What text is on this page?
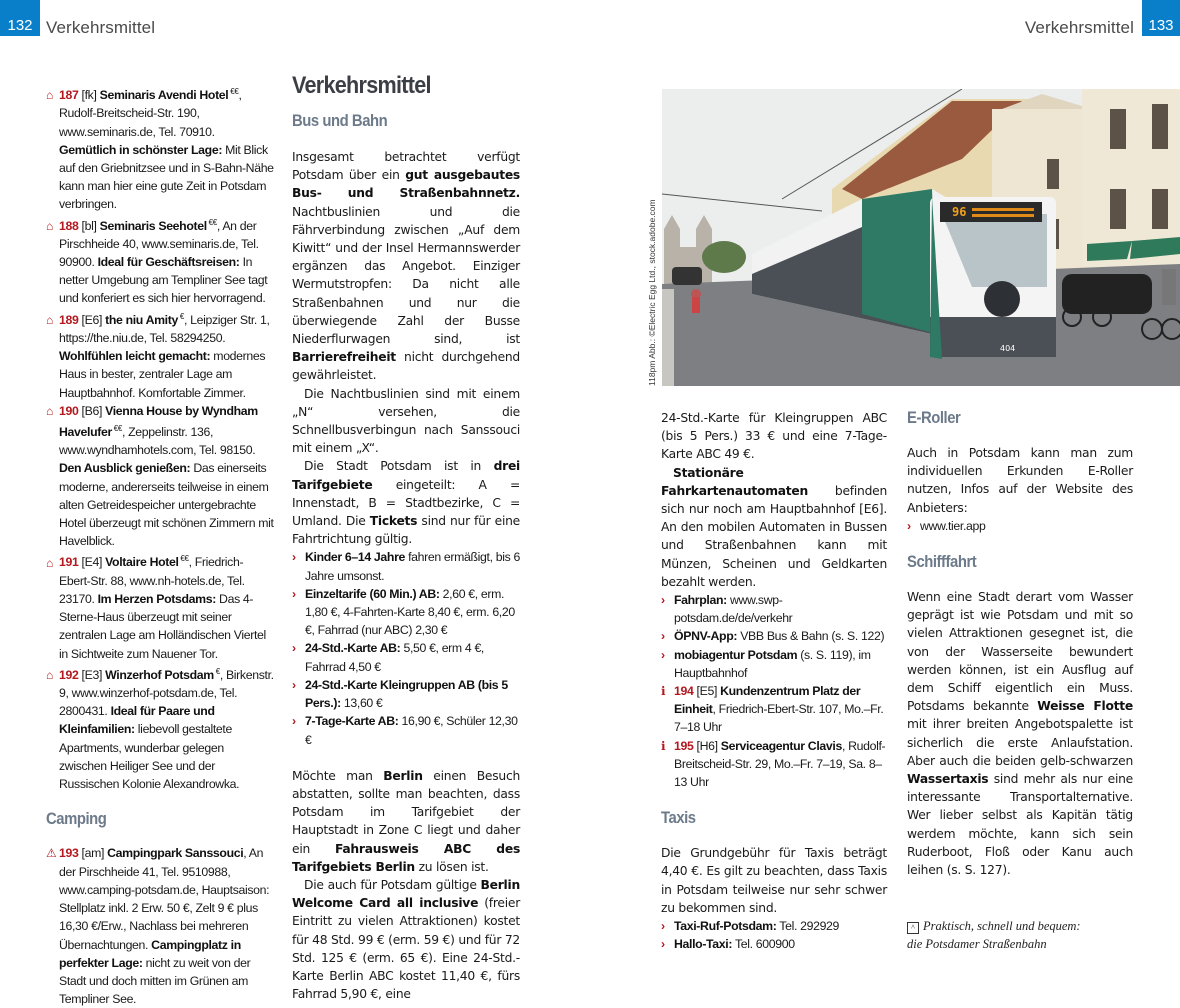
132 Verkehrsmittel	Verkehrsmittel 133

⌂ 187 [fk] Seminaris Avendi Hotel €€, Rudolf-Breitscheid-Str. 190, www.seminaris.de, Tel. 70910. Gemütlich in schönster Lage: Mit Blick auf den Griebnitzsee und in S-Bahn-Nähe kann man hier eine gute Zeit in Potsdam verbringen.

⌂ 188 [bl] Seminaris Seehotel €€, An der Pirschheide 40, www.seminaris.de, Tel. 90900. Ideal für Geschäftsreisen: In netter Umgebung am Templiner See tagt und konferiert es sich hier hervorragend.

⌂ 189 [E6] the niu Amity €, Leipziger Str. 1, https://the.niu.de, Tel. 58294250. Wohlfühlen leicht gemacht: modernes Haus in bester, zentraler Lage am Hauptbahnhof. Komfortable Zimmer.

⌂ 190 [B6] Vienna House by Wyndham Havelufer €€, Zeppelinstr. 136, www.wyndhamhotels.com, Tel. 98150. Den Ausblick genießen: Das einerseits moderne, andererseits teilweise in einem alten Getreidespeicher untergebrachte Hotel überzeugt mit schönen Zimmern mit Havelblick.

⌂ 191 [E4] Voltaire Hotel €€, Friedrich-Ebert-Str. 88, www.nh-hotels.de, Tel. 23170. Im Herzen Potsdams: Das 4-Sterne-Haus überzeugt mit seiner zentralen Lage am Holländischen Viertel in Sichtweite zum Nauener Tor.

⌂ 192 [E3] Winzerhof Potsdam €, Birkenstr. 9, www.winzerhof-potsdam.de, Tel. 2800431. Ideal für Paare und Kleinfamilien: liebevoll gestaltete Apartments, wunderbar gelegen zwischen Heiliger See und der Russischen Kolonie Alexandrowka.

Camping

⚠ 193 [am] Campingpark Sanssouci, An der Pirschheide 41, Tel. 9510988, www.camping-potsdam.de, Hauptsaison: Stellplatz inkl. 2 Erw. 50 €, Zelt 9 € plus 16,30 €/Erw., Nachlass bei mehreren Übernachtungen. Campingplatz in perfekter Lage: nicht zu weit von der Stadt und doch mitten im Grünen am Templiner See.

Verkehrsmittel
Bus und Bahn

Insgesamt betrachtet verfügt Potsdam über ein gut ausgebautes Bus- und Straßenbahnnetz. Nachtbuslinien und die Fährverbindung zwischen „Auf dem Kiwitt“ und der Insel Hermannswerder ergänzen das Angebot. Einziger Wermutstropfen: Da nicht alle Straßenbahnen und nur die überwiegende Zahl der Busse Niederflurwagen sind, ist Barrierefreiheit nicht durchgehend gewährleistet.

Die Nachtbuslinien sind mit einem „N“ versehen, die Schnellbusverbingun nach Sanssouci mit einem „X“.

Die Stadt Potsdam ist in drei Tarifgebiete eingeteilt: A = Innenstadt, B = Stadtbezirke, C = Umland. Die Tickets sind nur für eine Fahrtrichtung gültig.

› Kinder 6–14 Jahre fahren ermäßigt, bis 6 Jahre umsonst.
› Einzeltarife (60 Min.) AB: 2,60 €, erm. 1,80 €, 4-Fahrten-Karte 8,40 €, erm. 6,20 €, Fahrrad (nur ABC) 2,30 €
› 24-Std.-Karte AB: 5,50 €, erm 4 €, Fahrrad 4,50 €
› 24-Std.-Karte Kleingruppen AB (bis 5 Pers.): 13,60 €
› 7-Tage-Karte AB: 16,90 €, Schüler 12,30 €

Möchte man Berlin einen Besuch abstatten, sollte man beachten, dass Potsdam im Tarifgebiet der Hauptstadt in Zone C liegt und daher ein Fahrausweis ABC des Tarifgebiets Berlin zu lösen ist.

Die auch für Potsdam gültige Berlin Welcome Card all inclusive (freier Eintritt zu vielen Attraktionen) kostet für 48 Std. 99 € (erm. 59 €) und für 72 Std. 125 € (erm. 65 €). Eine 24-Std.-Karte Berlin ABC kostet 11,40 €, fürs Fahrrad 5,90 €, eine

118pm Abb.: ©Electric Egg Ltd., stock.adobe.com	96
404

24-Std.-Karte für Kleingruppen ABC (bis 5 Pers.) 33 € und eine 7-Tage-Karte ABC 49 €.

Stationäre Fahrkartenautomaten befinden sich nur noch am Hauptbahnhof [E6]. An den mobilen Automaten in Bussen und Straßenbahnen kann mit Münzen, Scheinen und Geldkarten bezahlt werden.

› Fahrplan: www.swp-potsdam.de/de/verkehr
› ÖPNV-App: VBB Bus & Bahn (s. S. 122)
› mobiagentur Potsdam (s. S. 119), im Hauptbahnhof

ℹ 194 [E5] Kundenzentrum Platz der Einheit, Friedrich-Ebert-Str. 107, Mo.–Fr. 7–18 Uhr

ℹ 195 [H6] Serviceagentur Clavis, Rudolf-Breitscheid-Str. 29, Mo.–Fr. 7–19, Sa. 8–13 Uhr

Taxis

Die Grundgebühr für Taxis beträgt 4,40 €. Es gilt zu beachten, dass Taxis in Potsdam teilweise nur sehr schwer zu bekommen sind.

› Taxi-Ruf-Potsdam: Tel. 292929
› Hallo-Taxi: Tel. 600900
E-Roller

Auch in Potsdam kann man zum individuellen Erkunden E-Roller nutzen, Infos auf der Website des Anbieters:

› www.tier.app
Schifffahrt

Wenn eine Stadt derart vom Wasser geprägt ist wie Potsdam und mit so vielen Attraktionen gesegnet ist, die von der Wasserseite bewundert werden können, ist ein Ausflug auf dem Schiff eigentlich ein Muss. Potsdams bekannte Weisse Flotte mit ihrer breiten Angebotspalette ist sicherlich die erste Anlaufstation. Aber auch die beiden gelb-schwarzen Wassertaxis sind mehr als nur eine interessante Transportalternative. Wer lieber selbst als Kapitän tätig werdem möchte, kann sich sein Ruderboot, Floß oder Kanu auch leihen (s. S. 127).

^ Praktisch, schnell und bequem:
die Potsdamer Straßenbahn
